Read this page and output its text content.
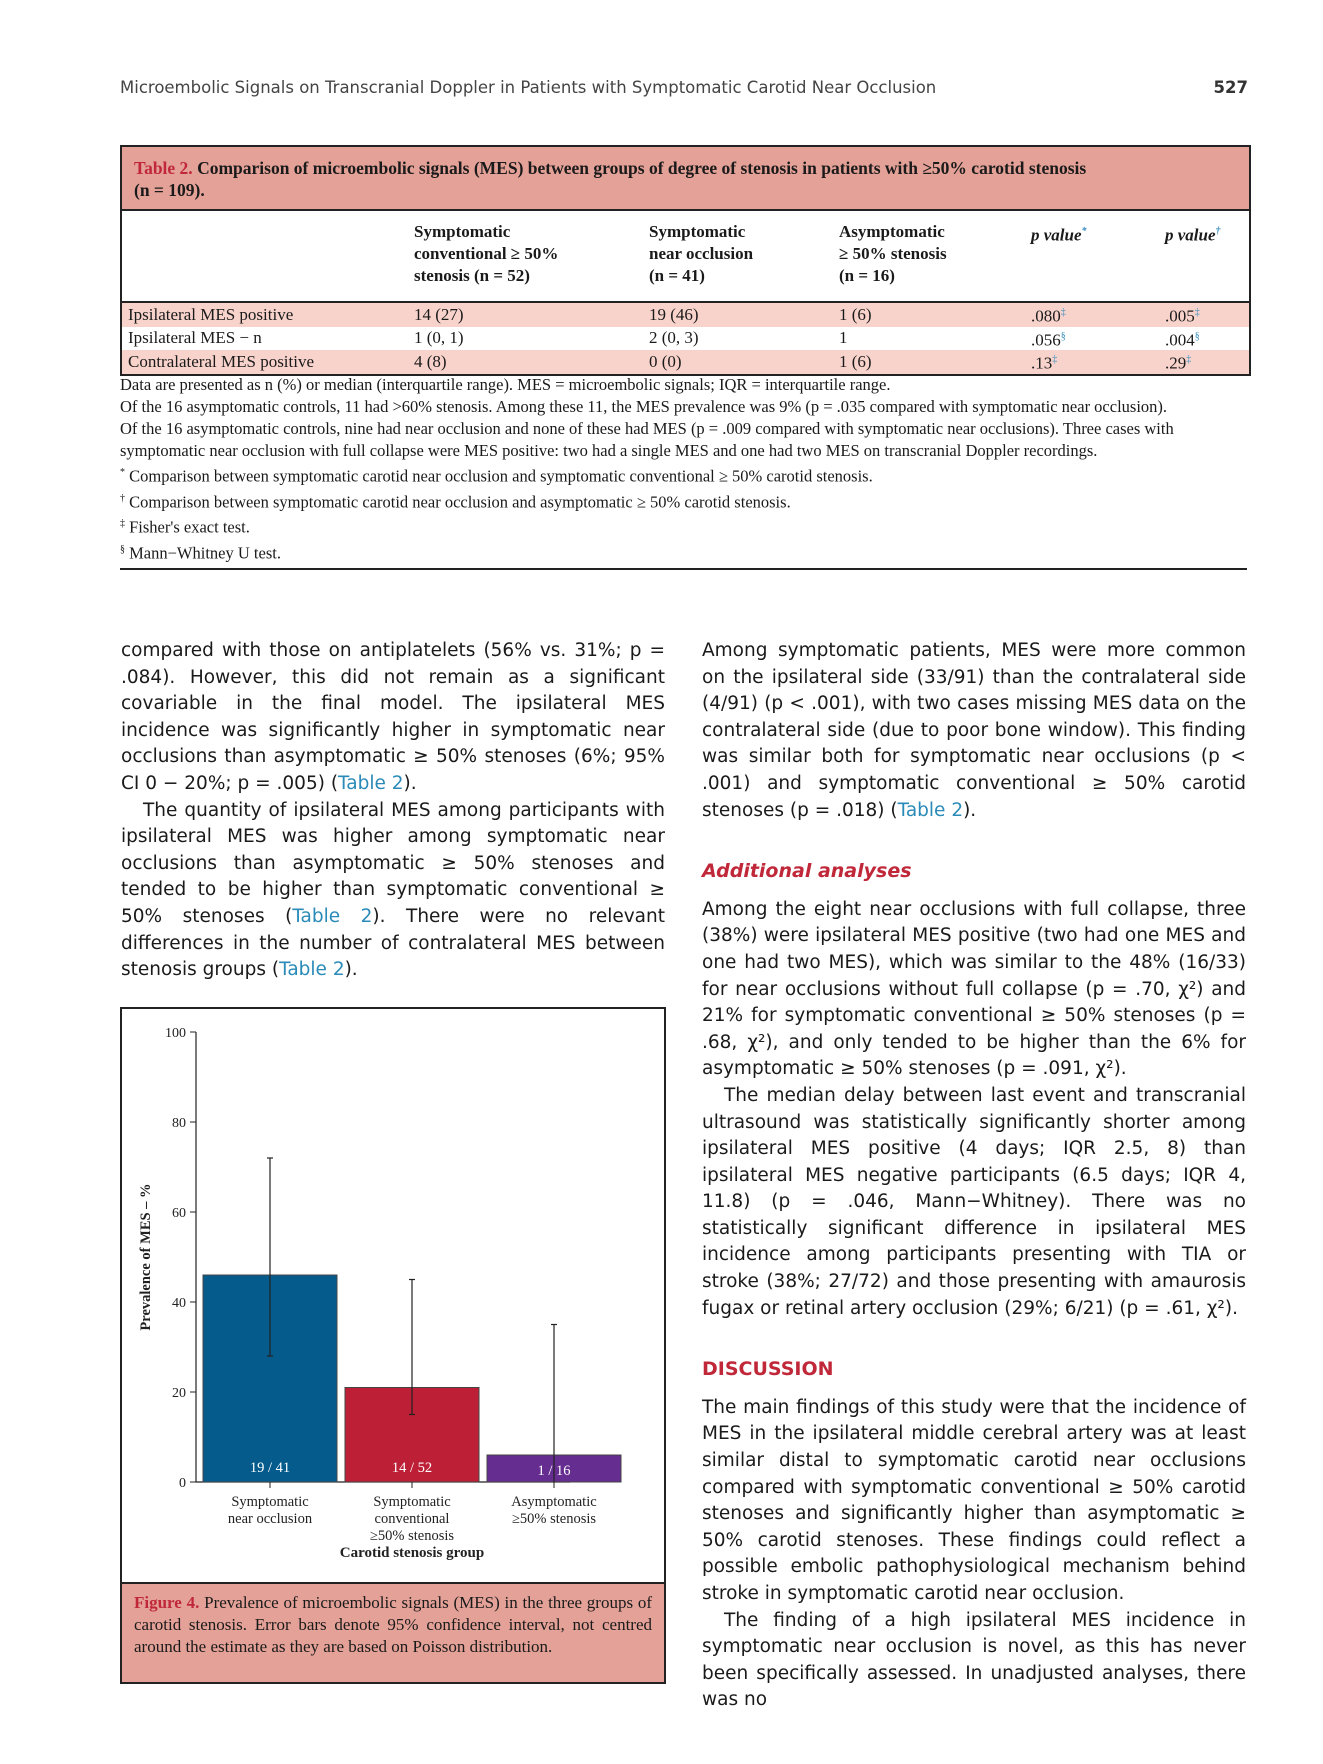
Microembolic Signals on Transcranial Doppler in Patients with Symptomatic Carotid Near Occlusion	527
Table 2. Comparison of microembolic signals (MES) between groups of degree of stenosis in patients with ≥50% carotid stenosis
(n = 109).
	Symptomatic
conventional ≥ 50%
stenosis (n = 52)	Symptomatic
near occlusion
(n = 41)	Asymptomatic
≥ 50% stenosis
(n = 16)	p value*	p value†
Ipsilateral MES positive	14 (27)	19 (46)	1 (6)	.080‡	.005‡
Ipsilateral MES − n	1 (0, 1)	2 (0, 3)	1	.056§	.004§
Contralateral MES positive	4 (8)	0 (0)	1 (6)	.13‡	.29‡

Data are presented as n (%) or median (interquartile range). MES = microembolic signals; IQR = interquartile range.

Of the 16 asymptomatic controls, 11 had >60% stenosis. Among these 11, the MES prevalence was 9% (p = .035 compared with symptomatic near occlusion).

Of the 16 asymptomatic controls, nine had near occlusion and none of these had MES (p = .009 compared with symptomatic near occlusions). Three cases with symptomatic near occlusion with full collapse were MES positive: two had a single MES and one had two MES on transcranial Doppler recordings.

* Comparison between symptomatic carotid near occlusion and symptomatic conventional ≥ 50% carotid stenosis.

† Comparison between symptomatic carotid near occlusion and asymptomatic ≥ 50% carotid stenosis.

‡ Fisher's exact test.

§ Mann−Whitney U test.

compared with those on antiplatelets (56% vs. 31%; p = .084). However, this did not remain as a significant covariable in the final model. The ipsilateral MES incidence was significantly higher in symptomatic near occlusions than asymptomatic ≥ 50% stenoses (6%; 95% CI 0 − 20%; p = .005) (Table 2).

The quantity of ipsilateral MES among participants with ipsilateral MES was higher among symptomatic near occlusions than asymptomatic ≥ 50% stenoses and tended to be higher than symptomatic conventional ≥ 50% stenoses (Table 2). There were no relevant differences in the number of contralateral MES between stenosis groups (Table 2).

0
20
40
60
80
100
Prevalence of MES – %
19 / 41
Symptomatic
near occlusion
14 / 52
Symptomatic
conventional
≥50% stenosis
1 / 16
Asymptomatic
≥50% stenosis
Carotid stenosis group
Figure 4. Prevalence of microembolic signals (MES) in the three groups of carotid stenosis. Error bars denote 95% confidence interval, not centred around the estimate as they are based on Poisson distribution.

Among symptomatic patients, MES were more common on the ipsilateral side (33/91) than the contralateral side (4/91) (p < .001), with two cases missing MES data on the contralateral side (due to poor bone window). This finding was similar both for symptomatic near occlusions (p < .001) and symptomatic conventional ≥ 50% carotid stenoses (p = .018) (Table 2).

Additional analyses

Among the eight near occlusions with full collapse, three (38%) were ipsilateral MES positive (two had one MES and one had two MES), which was similar to the 48% (16/33) for near occlusions without full collapse (p = .70, χ²) and 21% for symptomatic conventional ≥ 50% stenoses (p = .68, χ²), and only tended to be higher than the 6% for asymptomatic ≥ 50% stenoses (p = .091, χ²).

The median delay between last event and transcranial ultrasound was statistically significantly shorter among ipsilateral MES positive (4 days; IQR 2.5, 8) than ipsilateral MES negative participants (6.5 days; IQR 4, 11.8) (p = .046, Mann−Whitney). There was no statistically significant difference in ipsilateral MES incidence among participants presenting with TIA or stroke (38%; 27/72) and those presenting with amaurosis fugax or retinal artery occlusion (29%; 6/21) (p = .61, χ²).

DISCUSSION

The main findings of this study were that the incidence of MES in the ipsilateral middle cerebral artery was at least similar distal to symptomatic carotid near occlusions compared with symptomatic conventional ≥ 50% carotid stenoses and significantly higher than asymptomatic ≥ 50% carotid stenoses. These findings could reflect a possible embolic pathophysiological mechanism behind stroke in symptomatic carotid near occlusion.

The finding of a high ipsilateral MES incidence in symptomatic near occlusion is novel, as this has never been specifically assessed. In unadjusted analyses, there was no
